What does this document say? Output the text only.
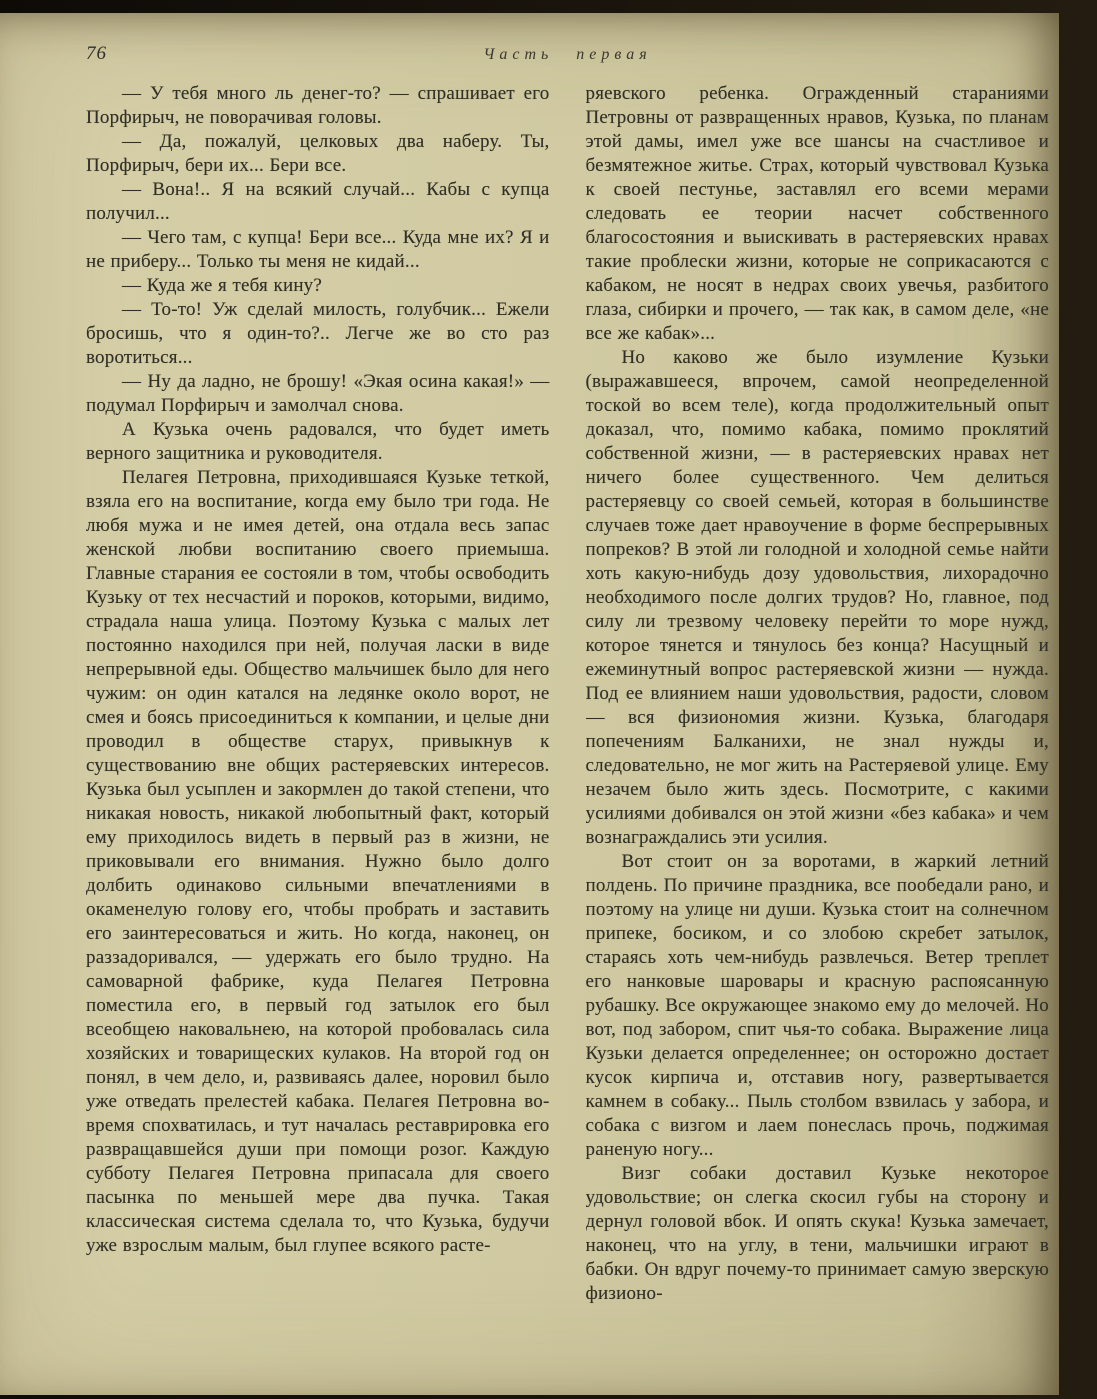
76	Часть первая

— У тебя много ль денег-то? — спрашивает его Порфирыч, не поворачивая головы.

— Да, пожалуй, целковых два наберу. Ты, Порфирыч, бери их... Бери все.

— Вона!.. Я на всякий случай... Кабы с купца получил...

— Чего там, с купца! Бери все... Куда мне их? Я и не приберу... Только ты меня не кидай...

— Куда же я тебя кину?

— То-то! Уж сделай милость, голубчик... Ежели бросишь, что я один-то?.. Легче же во сто раз воротиться...

— Ну да ладно, не брошу! «Экая осина какая!» — подумал Порфирыч и замолчал снова.

А Кузька очень радовался, что будет иметь верного защитника и руководителя.

Пелагея Петровна, приходившаяся Кузьке теткой, взяла его на воспитание, когда ему было три года. Не любя мужа и не имея детей, она отдала весь запас женской любви воспитанию своего приемыша. Главные старания ее состояли в том, чтобы освободить Кузьку от тех несчастий и пороков, которыми, видимо, страдала наша улица. Поэтому Кузька с малых лет постоянно находился при ней, получая ласки в виде непрерывной еды. Общество мальчишек было для него чужим: он один катался на ледянке около ворот, не смея и боясь присоединиться к компании, и целые дни проводил в обществе старух, привыкнув к существованию вне общих растеряевских интересов. Кузька был усыплен и закормлен до такой степени, что никакая новость, никакой любопытный факт, который ему приходилось видеть в первый раз в жизни, не приковывали его внимания. Нужно было долго долбить одинаково сильными впечатлениями в окаменелую голову его, чтобы пробрать и заставить его заинтересоваться и жить. Но когда, наконец, он раззадоривался, — удержать его было трудно. На самоварной фабрике, куда Пелагея Петровна поместила его, в первый год затылок его был всеобщею наковальнею, на которой пробовалась сила хозяйских и товарищеских кулаков. На второй год он понял, в чем дело, и, развиваясь далее, норовил было уже отведать прелестей кабака. Пелагея Петровна во-время спохватилась, и тут началась реставрировка его развращавшейся души при помощи розог. Каждую субботу Пелагея Петровна припасала для своего пасынка по меньшей мере два пучка. Такая классическая система сделала то, что Кузька, будучи уже взрослым малым, был глупее всякого расте-

ряевского ребенка. Огражденный стараниями Петровны от развращенных нравов, Кузька, по планам этой дамы, имел уже все шансы на счастливое и безмятежное житье. Страх, который чувствовал Кузька к своей пестунье, заставлял его всеми мерами следовать ее теории насчет собственного благосостояния и выискивать в растеряевских нравах такие проблески жизни, которые не соприкасаются с кабаком, не носят в недрах своих увечья, разбитого глаза, сибирки и прочего, — так как, в самом деле, «не все же кабак»...

Но каково же было изумление Кузьки (выражавшееся, впрочем, самой неопределенной тоской во всем теле), когда продолжительный опыт доказал, что, помимо кабака, помимо проклятий собственной жизни, — в растеряевских нравах нет ничего более существенного. Чем делиться растеряевцу со своей семьей, которая в большинстве случаев тоже дает нравоучение в форме беспрерывных попреков? В этой ли голодной и холодной семье найти хоть какую-нибудь дозу удовольствия, лихорадочно необходимого после долгих трудов? Но, главное, под силу ли трезвому человеку перейти то море нужд, которое тянется и тянулось без конца? Насущный и ежеминутный вопрос растеряевской жизни — нужда. Под ее влиянием наши удовольствия, радости, словом — вся физиономия жизни. Кузька, благодаря попечениям Балканихи, не знал нужды и, следовательно, не мог жить на Растеряевой улице. Ему незачем было жить здесь. Посмотрите, с какими усилиями добивался он этой жизни «без кабака» и чем вознаграждались эти усилия.

Вот стоит он за воротами, в жаркий летний полдень. По причине праздника, все пообедали рано, и поэтому на улице ни души. Кузька стоит на солнечном припеке, босиком, и со злобою скребет затылок, стараясь хоть чем-нибудь развлечься. Ветер треплет его нанковые шаровары и красную распоясанную рубашку. Все окружающее знакомо ему до мелочей. Но вот, под забором, спит чья-то собака. Выражение лица Кузьки делается определеннее; он осторожно достает кусок кирпича и, отставив ногу, развертывается камнем в собаку... Пыль столбом взвилась у забора, и собака с визгом и лаем понеслась прочь, поджимая раненую ногу...

Визг собаки доставил Кузьке некоторое удовольствие; он слегка скосил губы на сторону и дернул головой вбок. И опять скука! Кузька замечает, наконец, что на углу, в тени, мальчишки играют в бабки. Он вдруг почему-то принимает самую зверскую физионо-
